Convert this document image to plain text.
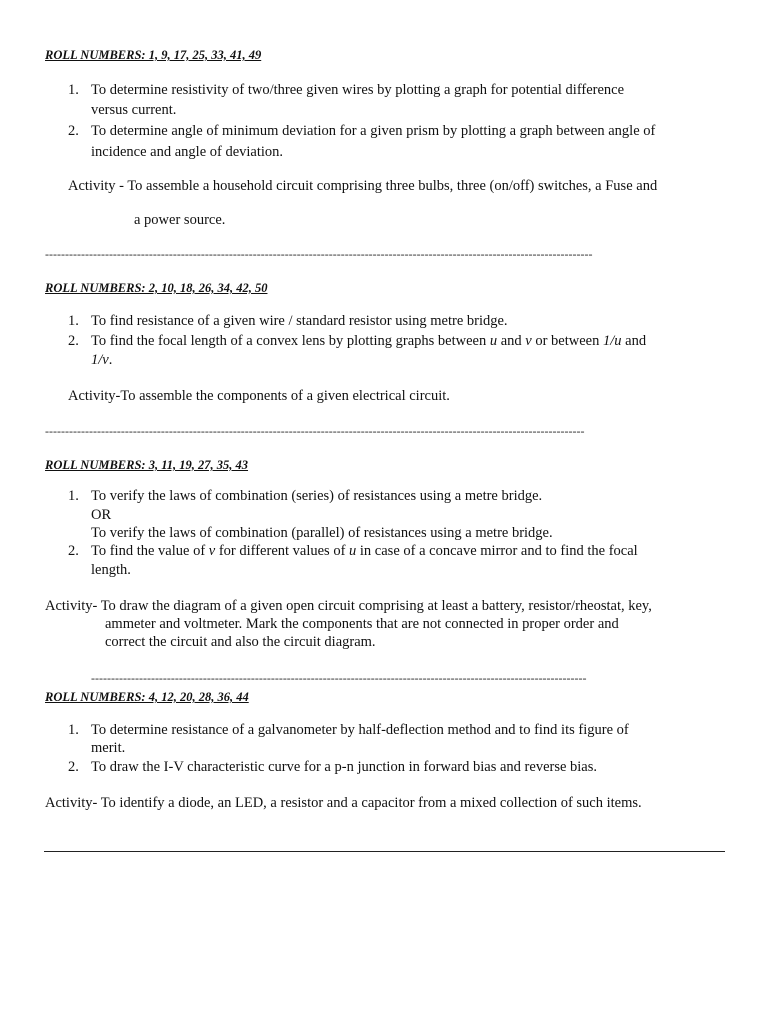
ROLL NUMBERS: 1, 9, 17, 25, 33, 41, 49
1. To determine resistivity of two/three given wires by plotting a graph for potential difference
versus current.
2. To determine angle of minimum deviation for a given prism by plotting a graph between angle of
incidence and angle of deviation.
Activity - To assemble a household circuit comprising three bulbs, three (on/off) switches, a Fuse and
a power source.
-----------------------------------------------------------------------------------------------------------------------------------------
ROLL NUMBERS: 2, 10, 18, 26, 34, 42, 50
1. To find resistance of a given wire / standard resistor using metre bridge.
2. To find the focal length of a convex lens by plotting graphs between u and v or between 1/u and
1/v.
Activity-To assemble the components of a given electrical circuit.
---------------------------------------------------------------------------------------------------------------------------------------
ROLL NUMBERS: 3, 11, 19, 27, 35, 43
1. To verify the laws of combination (series) of resistances using a metre bridge.
OR
To verify the laws of combination (parallel) of resistances using a metre bridge.
2. To find the value of v for different values of u in case of a concave mirror and to find the focal
length.
Activity- To draw the diagram of a given open circuit comprising at least a battery, resistor/rheostat, key,
ammeter and voltmeter. Mark the components that are not connected in proper order and
correct the circuit and also the circuit diagram.
----------------------------------------------------------------------------------------------------------------------------
ROLL NUMBERS: 4, 12, 20, 28, 36, 44
1. To determine resistance of a galvanometer by half-deflection method and to find its figure of
merit.
2. To draw the I-V characteristic curve for a p-n junction in forward bias and reverse bias.
Activity- To identify a diode, an LED, a resistor and a capacitor from a mixed collection of such items.
